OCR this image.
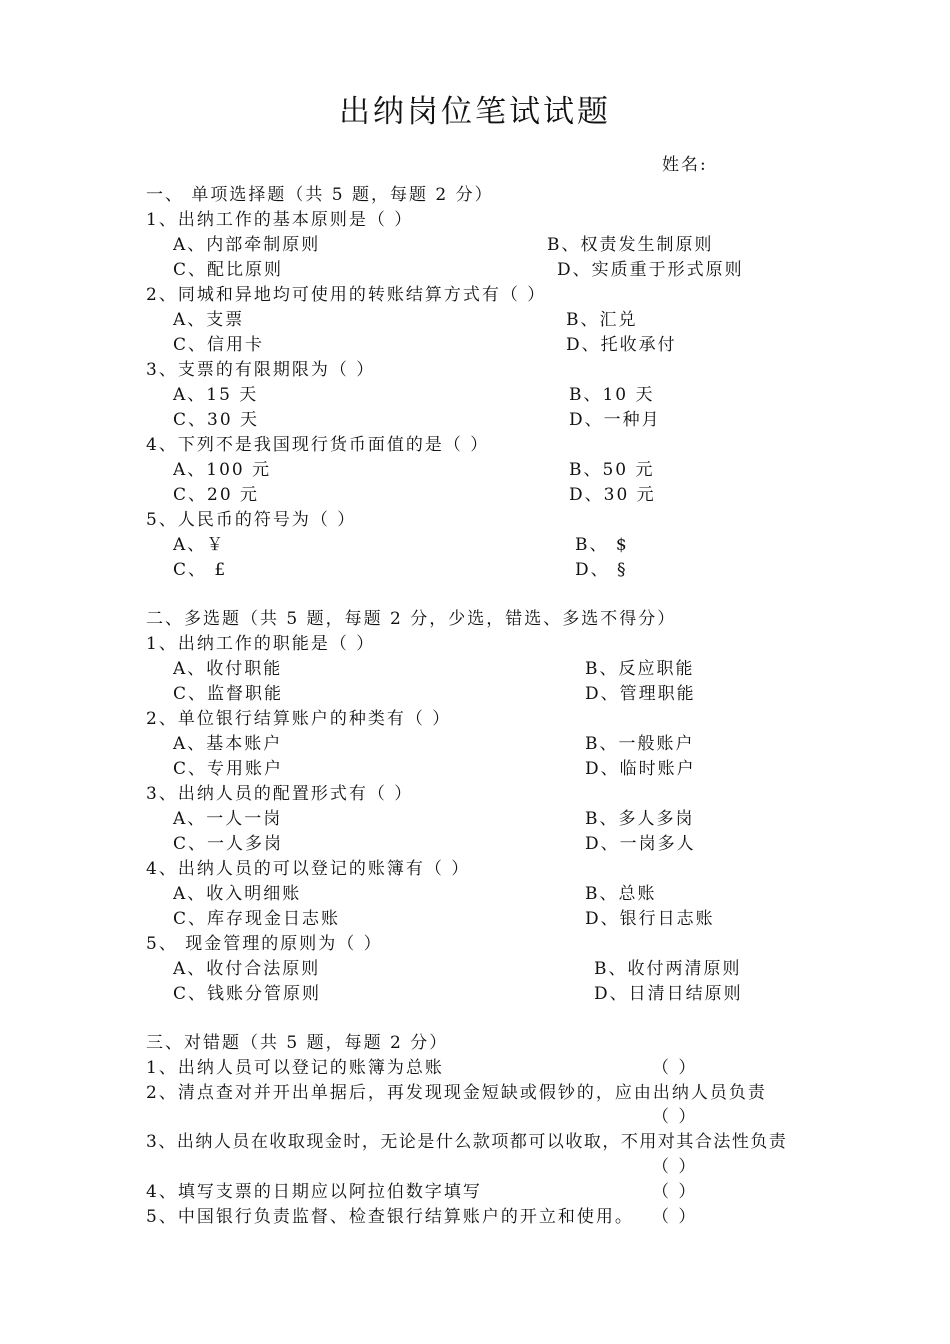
出纳岗位笔试试题
姓名:
一、 单项选择题（共 5 题，每题 2 分）
1、出纳工作的基本原则是（ ）
A、内部牵制原则	B、权责发生制原则
C、配比原则	D、实质重于形式原则
2、同城和异地均可使用的转账结算方式有（ ）
A、支票	B、汇兑
C、信用卡	D、托收承付
3、支票的有限期限为（ ）
A、15 天	B、10 天
C、30 天	D、一种月
4、下列不是我国现行货币面值的是（ ）
A、100 元	B、50 元
C、20 元	D、30 元
5、人民币的符号为（ ）
A、￥	B、 $
C、 £	D、 §
二、多选题（共 5 题，每题 2 分，少选，错选、多选不得分）
1、出纳工作的职能是（ ）
A、收付职能	B、反应职能
C、监督职能	D、管理职能
2、单位银行结算账户的种类有（ ）
A、基本账户	B、一般账户
C、专用账户	D、临时账户
3、出纳人员的配置形式有（ ）
A、一人一岗	B、多人多岗
C、一人多岗	D、一岗多人
4、出纳人员的可以登记的账簿有（ ）
A、收入明细账	B、总账
C、库存现金日志账	D、银行日志账
5、 现金管理的原则为（ ）
A、收付合法原则	B、收付两清原则
C、钱账分管原则	D、日清日结原则
三、对错题（共 5 题，每题 2 分）
1、出纳人员可以登记的账簿为总账	（ ）
2、清点查对并开出单据后，再发现现金短缺或假钞的，应由出纳人员负责
（ ）
3、出纳人员在收取现金时，无论是什么款项都可以收取，不用对其合法性负责
（ ）
4、填写支票的日期应以阿拉伯数字填写	（ ）
5、中国银行负责监督、检查银行结算账户的开立和使用。 （ ）
